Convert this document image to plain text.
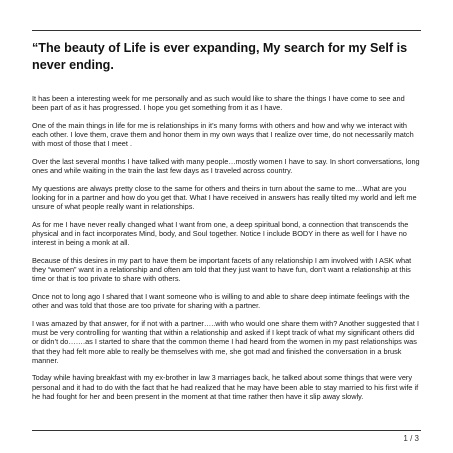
“The beauty of Life is ever expanding, My search for my Self is never ending.

It has been a interesting week for me personally and as such would like to share the things I have come to see and been part of as it has progressed. I hope you get something from it as I have.

One of the main things in life for me is relationships in it’s many forms with others and how and why we interact with each other. I love them, crave them and honor them in my own ways that I realize over time, do not necessarily match with most of those that I meet .

Over the last several months I have talked with many people…mostly women I have to say. In short conversations, long ones and while waiting in the train the last few days as I traveled across country.

My questions are always pretty close to the same for others and theirs in turn about the same to me…What are you looking for in a partner and how do you get that. What I have received in answers has really tilted my world and left me unsure of what people really want in relationships.

As for me I have never really changed what I want from one, a deep spiritual bond, a connection that transcends the physical and in fact incorporates Mind, body, and Soul together. Notice I include BODY in there as well for I have no interest in being a monk at all.

Because of this desires in my part to have them be important facets of any relationship I am involved with I ASK what they “women” want in a relationship and often am told that they just want to have fun, don’t want a relationship at this time or that is too private to share with others.

Once not to long ago I shared that I want someone who is willing to and able to share deep intimate feelings with the other and was told that those are too private for sharing with a partner.

I was amazed by that answer, for if not with a partner…..with who would one share them with? Another suggested that I must be very controlling for wanting that within a relationship and asked if I kept track of what my significant others did or didn’t do…….as I started to share that the common theme I had heard from the women in my past relationships was that they had felt more able to really be themselves with me, she got mad and finished the conversation in a brusk manner.

Today while having breakfast with my ex-brother in law 3 marriages back, he talked about some things that were very personal and it had to do with the fact that he had realized that he may have been able to stay married to his first wife if he had fought for her and been present in the moment at that time rather then have it slip away slowly.

1 / 3
